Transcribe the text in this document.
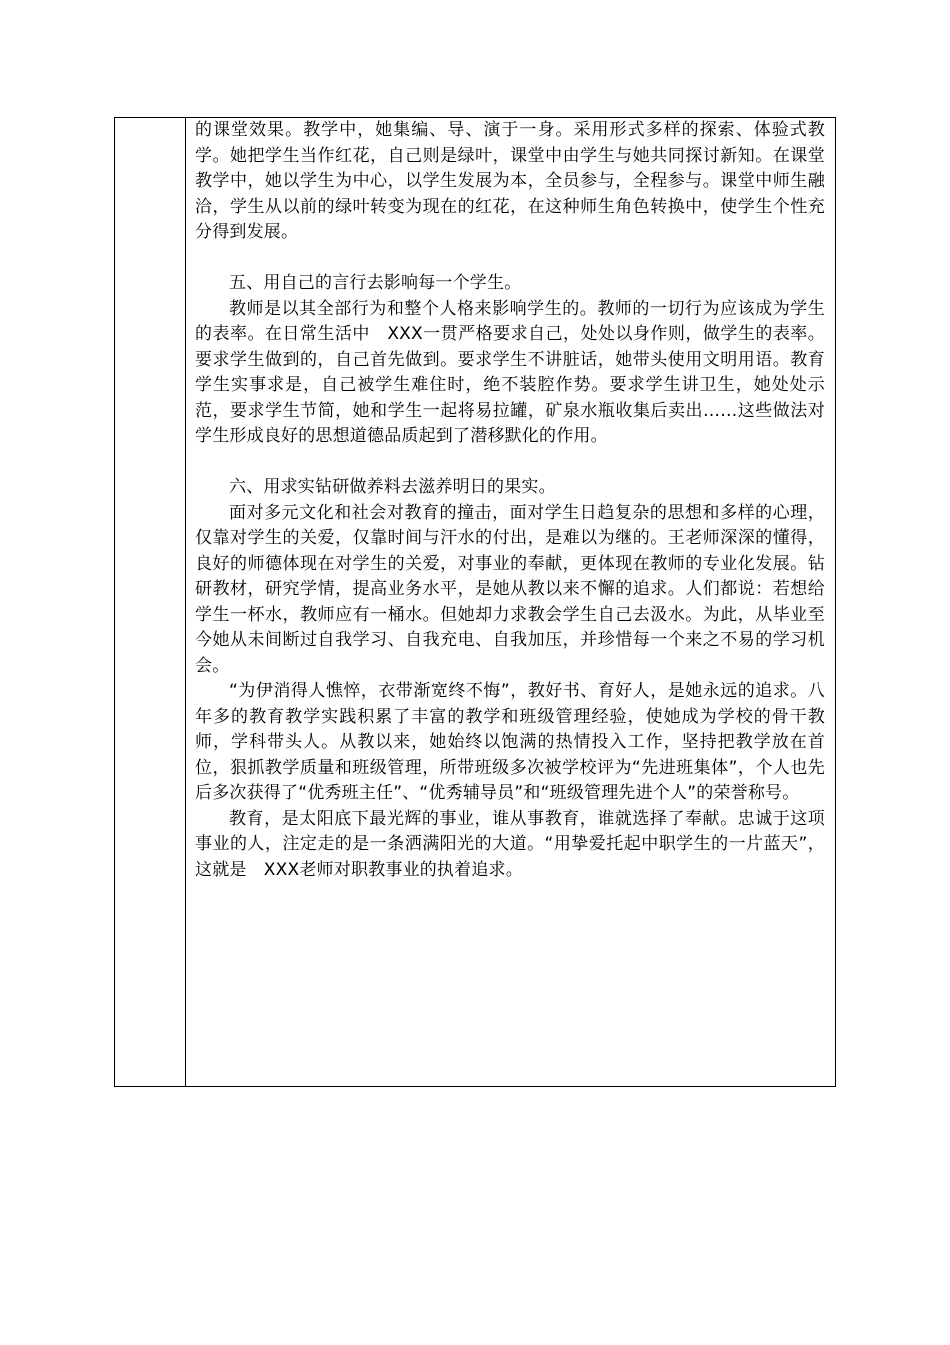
的课堂效果。教学中，她集编、导、演于一身。采用形式多样的探索、体验式教学。她把学生当作红花，自己则是绿叶，课堂中由学生与她共同探讨新知。在课堂教学中，她以学生为中心，以学生发展为本，全员参与，全程参与。课堂中师生融洽，学生从以前的绿叶转变为现在的红花，在这种师生角色转换中，使学生个性充分得到发展。

五、用自己的言行去影响每一个学生。

教师是以其全部行为和整个人格来影响学生的。教师的一切行为应该成为学生的表率。在日常生活中　XXX一贯严格要求自己，处处以身作则，做学生的表率。要求学生做到的，自己首先做到。要求学生不讲脏话，她带头使用文明用语。教育学生实事求是，自己被学生难住时，绝不装腔作势。要求学生讲卫生，她处处示范，要求学生节简，她和学生一起将易拉罐，矿泉水瓶收集后卖出……这些做法对学生形成良好的思想道德品质起到了潜移默化的作用。

六、用求实钻研做养料去滋养明日的果实。

面对多元文化和社会对教育的撞击，面对学生日趋复杂的思想和多样的心理，仅靠对学生的关爱，仅靠时间与汗水的付出，是难以为继的。王老师深深的懂得，良好的师德体现在对学生的关爱，对事业的奉献，更体现在教师的专业化发展。钻研教材，研究学情，提高业务水平，是她从教以来不懈的追求。人们都说：若想给学生一杯水，教师应有一桶水。但她却力求教会学生自己去汲水。为此，从毕业至今她从未间断过自我学习、自我充电、自我加压，并珍惜每一个来之不易的学习机会。

“为伊消得人憔悴，衣带渐宽终不悔”，教好书、育好人，是她永远的追求。八年多的教育教学实践积累了丰富的教学和班级管理经验，使她成为学校的骨干教师，学科带头人。从教以来，她始终以饱满的热情投入工作，坚持把教学放在首位，狠抓教学质量和班级管理，所带班级多次被学校评为“先进班集体”，个人也先后多次获得了“优秀班主任”、“优秀辅导员”和“班级管理先进个人”的荣誉称号。

教育，是太阳底下最光辉的事业，谁从事教育，谁就选择了奉献。忠诚于这项事业的人，注定走的是一条洒满阳光的大道。“用挚爱托起中职学生的一片蓝天”，这就是　XXX老师对职教事业的执着追求。
